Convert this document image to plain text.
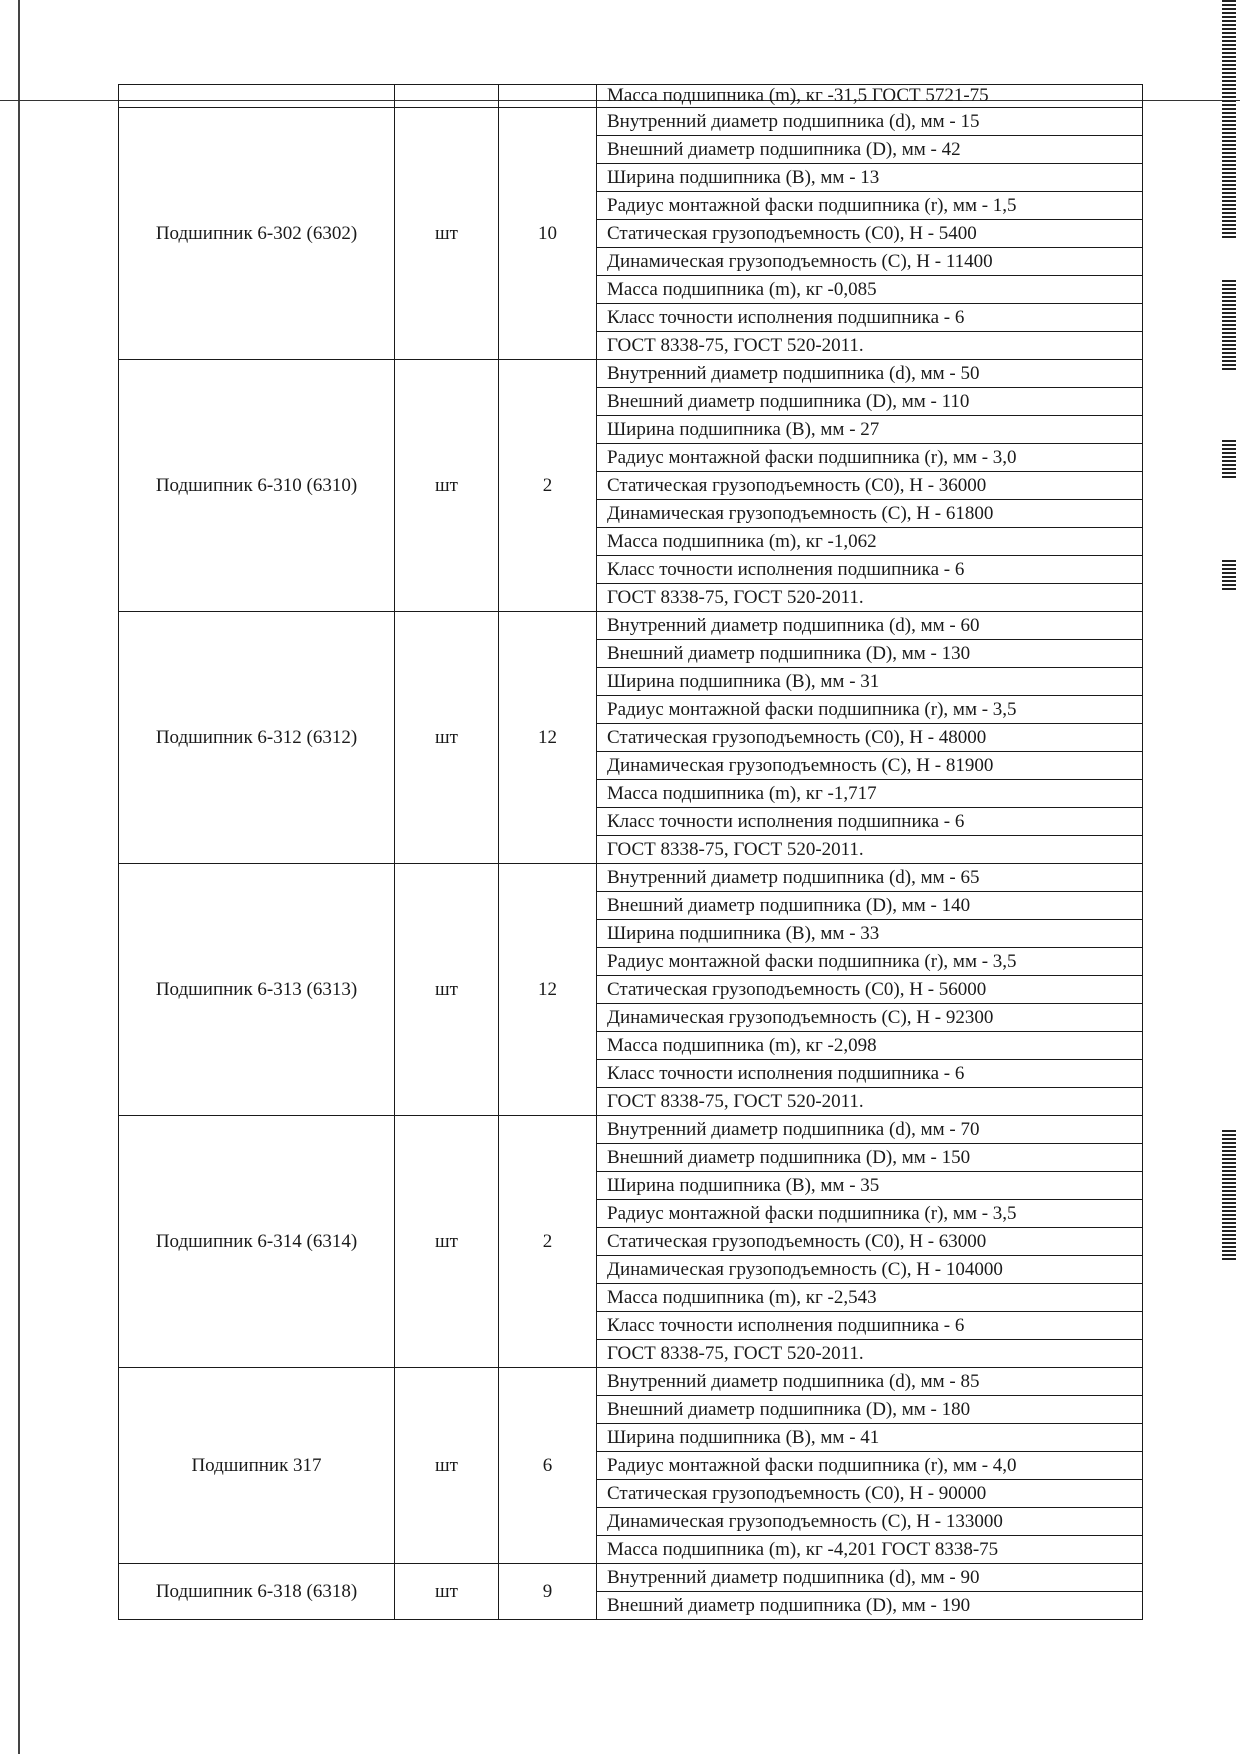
			Масса подшипника (m), кг -31,5 ГОСТ 5721-75
Подшипник 6-302 (6302)	шт	10	Внутренний диаметр подшипника (d), мм - 15
			Внешний диаметр подшипника (D), мм - 42
			Ширина подшипника (B), мм - 13
			Радиус монтажной фаски подшипника (r), мм - 1,5
			Статическая грузоподъемность (C0), Н - 5400
			Динамическая грузоподъемность (C), Н - 11400
			Масса подшипника (m), кг -0,085
			Класс точности исполнения подшипника - 6
			ГОСТ 8338-75, ГОСТ 520-2011.
Подшипник 6-310 (6310)	шт	2	Внутренний диаметр подшипника (d), мм - 50
			Внешний диаметр подшипника (D), мм - 110
			Ширина подшипника (B), мм - 27
			Радиус монтажной фаски подшипника (r), мм - 3,0
			Статическая грузоподъемность (C0), Н - 36000
			Динамическая грузоподъемность (C), Н - 61800
			Масса подшипника (m), кг -1,062
			Класс точности исполнения подшипника - 6
			ГОСТ 8338-75, ГОСТ 520-2011.
Подшипник 6-312 (6312)	шт	12	Внутренний диаметр подшипника (d), мм - 60
			Внешний диаметр подшипника (D), мм - 130
			Ширина подшипника (B), мм - 31
			Радиус монтажной фаски подшипника (r), мм - 3,5
			Статическая грузоподъемность (C0), Н - 48000
			Динамическая грузоподъемность (C), Н - 81900
			Масса подшипника (m), кг -1,717
			Класс точности исполнения подшипника - 6
			ГОСТ 8338-75, ГОСТ 520-2011.
Подшипник 6-313 (6313)	шт	12	Внутренний диаметр подшипника (d), мм - 65
			Внешний диаметр подшипника (D), мм - 140
			Ширина подшипника (B), мм - 33
			Радиус монтажной фаски подшипника (r), мм - 3,5
			Статическая грузоподъемность (C0), Н - 56000
			Динамическая грузоподъемность (C), Н - 92300
			Масса подшипника (m), кг -2,098
			Класс точности исполнения подшипника - 6
			ГОСТ 8338-75, ГОСТ 520-2011.
Подшипник 6-314 (6314)	шт	2	Внутренний диаметр подшипника (d), мм - 70
			Внешний диаметр подшипника (D), мм - 150
			Ширина подшипника (B), мм - 35
			Радиус монтажной фаски подшипника (r), мм - 3,5
			Статическая грузоподъемность (C0), Н - 63000
			Динамическая грузоподъемность (C), Н - 104000
			Масса подшипника (m), кг -2,543
			Класс точности исполнения подшипника - 6
			ГОСТ 8338-75, ГОСТ 520-2011.
Подшипник 317	шт	6	Внутренний диаметр подшипника (d), мм - 85
			Внешний диаметр подшипника (D), мм - 180
			Ширина подшипника (B), мм - 41
			Радиус монтажной фаски подшипника (r), мм - 4,0
			Статическая грузоподъемность (C0), Н - 90000
			Динамическая грузоподъемность (C), Н - 133000
			Масса подшипника (m), кг -4,201 ГОСТ 8338-75
Подшипник 6-318 (6318)	шт	9	Внутренний диаметр подшипника (d), мм - 90
			Внешний диаметр подшипника (D), мм - 190
